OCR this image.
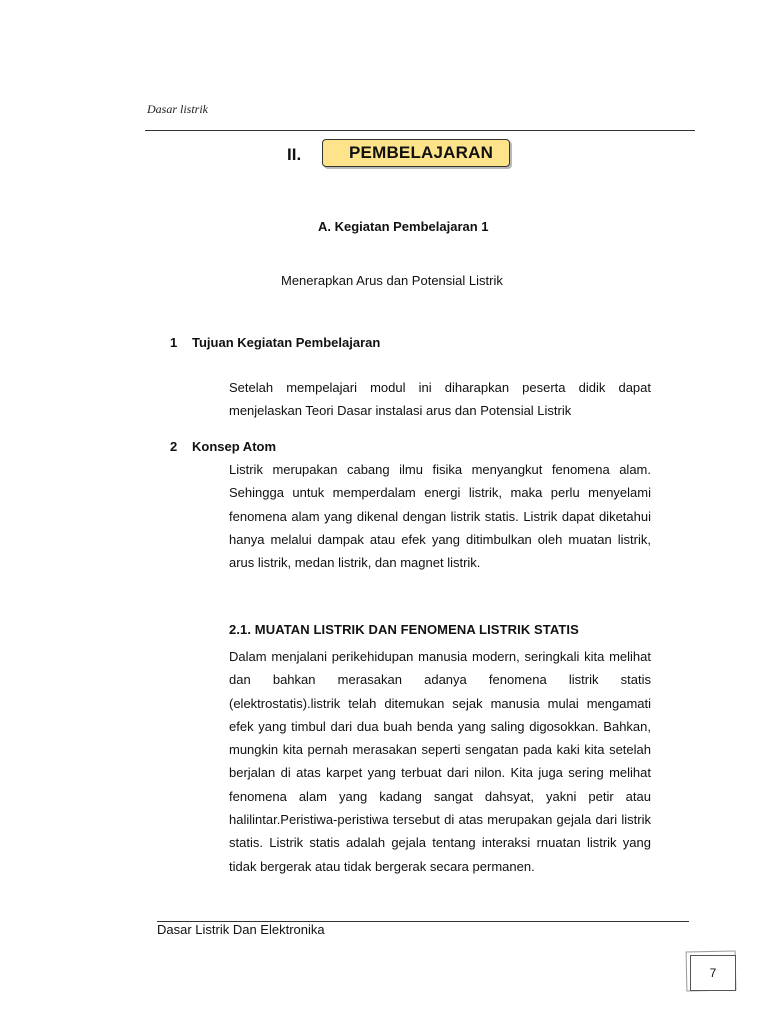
Dasar listrik
II.	PEMBELAJARAN
A. Kegiatan Pembelajaran 1
Menerapkan Arus dan Potensial Listrik
1 Tujuan Kegiatan Pembelajaran

Setelah mempelajari modul ini diharapkan peserta didik dapat menjelaskan Teori Dasar instalasi arus dan Potensial Listrik

2 Konsep Atom

Listrik merupakan cabang ilmu fisika menyangkut fenomena alam. Sehingga untuk memperdalam energi listrik, maka perlu menyelami fenomena alam yang dikenal dengan listrik statis. Listrik dapat diketahui hanya melalui dampak atau efek yang ditimbulkan oleh muatan listrik, arus listrik, medan listrik, dan magnet listrik.

2.1. MUATAN LISTRIK DAN FENOMENA LISTRIK STATIS

Dalam menjalani perikehidupan manusia modern, seringkali kita melihat dan bahkan merasakan adanya fenomena listrik statis (elektrostatis).listrik telah ditemukan sejak manusia mulai mengamati efek yang timbul dari dua buah benda yang saling digosokkan. Bahkan, mungkin kita pernah merasakan seperti sengatan pada kaki kita setelah berjalan di atas karpet yang terbuat dari nilon. Kita juga sering melihat fenomena alam yang kadang sangat dahsyat, yakni petir atau halilintar.Peristiwa-peristiwa tersebut di atas merupakan gejala dari listrik statis. Listrik statis adalah gejala tentang interaksi rnuatan listrik yang tidak bergerak atau tidak bergerak secara permanen.

Dasar Listrik Dan Elektronika
7
